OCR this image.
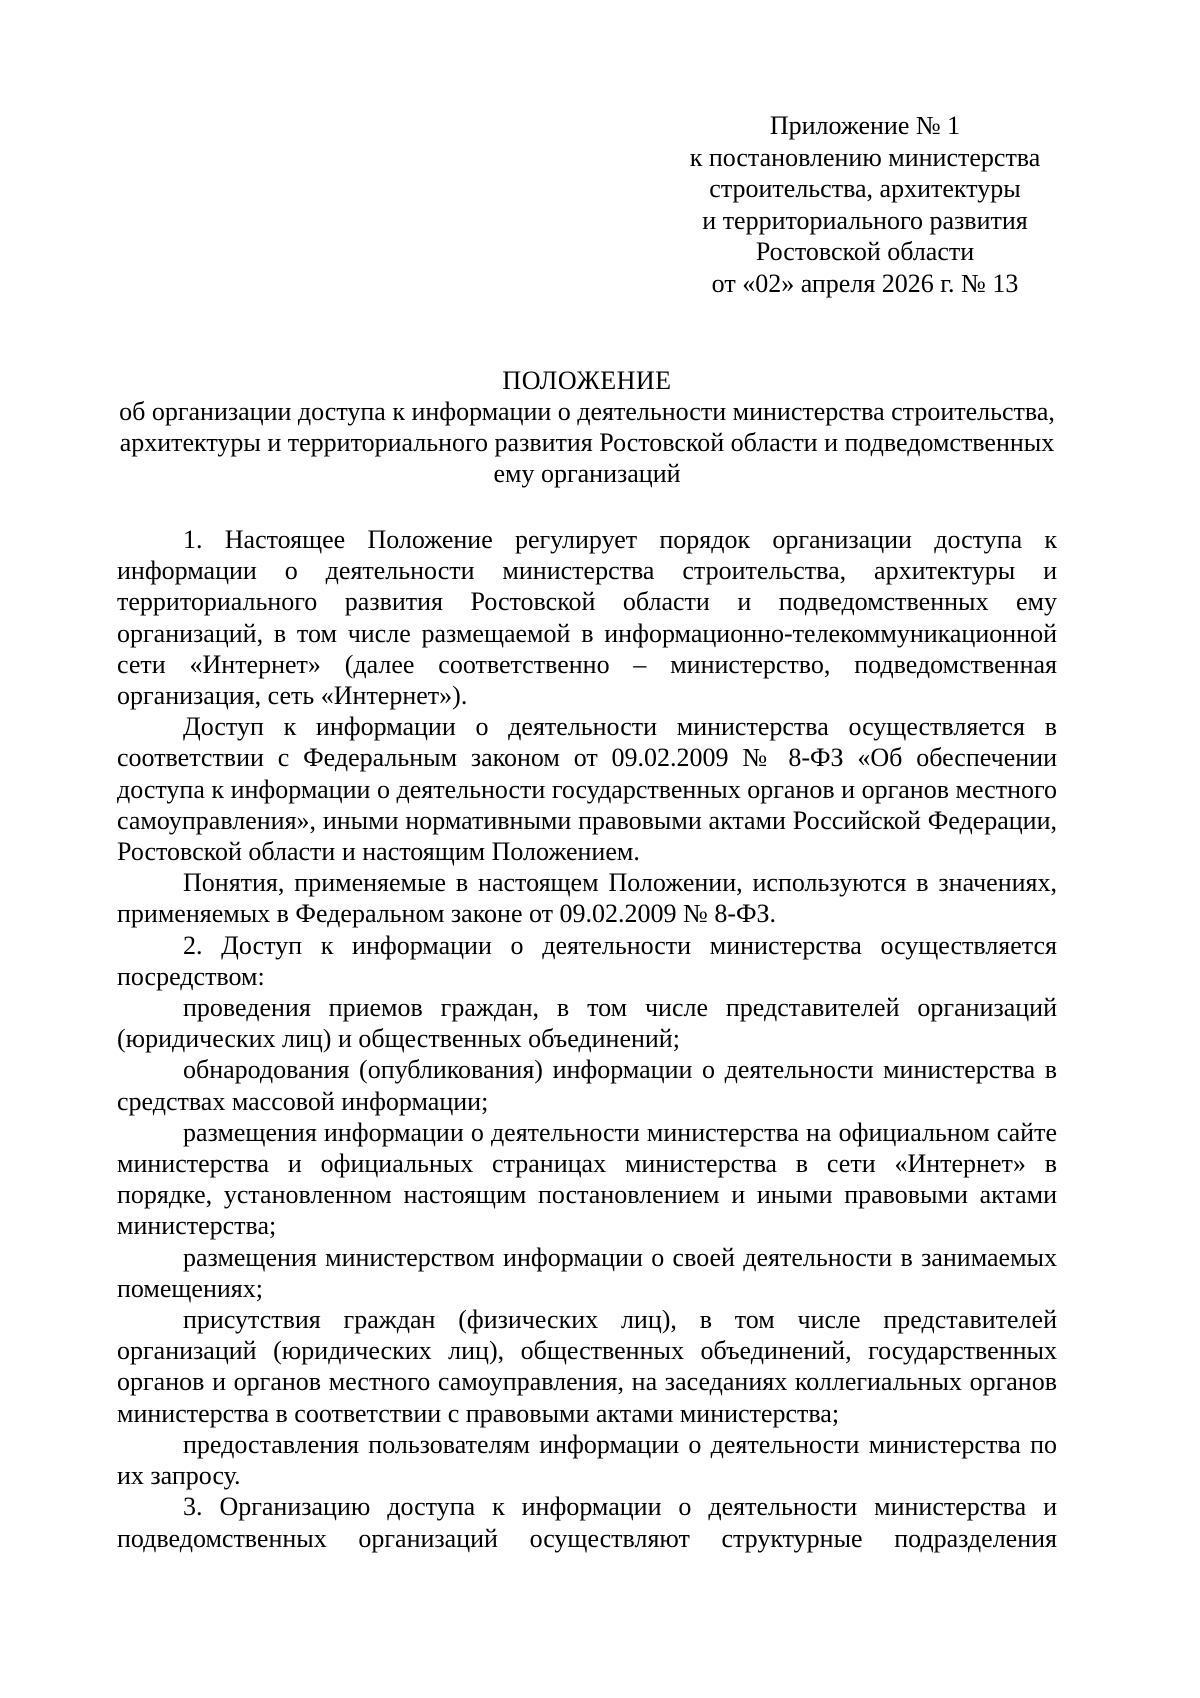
Приложение № 1
к постановлению министерства
строительства, архитектуры
и территориального развития
Ростовской области
от «02» апреля 2026 г. № 13
ПОЛОЖЕНИЕ

об организации доступа к информации о деятельности министерства строительства, архитектуры и территориального развития Ростовской области и подведомственных ему организаций

1. Настоящее Положение регулирует порядок организации доступа к информации о деятельности министерства строительства, архитектуры и территориального развития Ростовской области и подведомственных ему организаций, в том числе размещаемой в информационно-телекоммуникационной сети «Интернет» (далее соответственно – министерство, подведомственная организация, сеть «Интернет»).

Доступ к информации о деятельности министерства осуществляется в соответствии с Федеральным законом от 09.02.2009 № 8-ФЗ «Об обеспечении доступа к информации о деятельности государственных органов и органов местного самоуправления», иными нормативными правовыми актами Российской Федерации, Ростовской области и настоящим Положением.

Понятия, применяемые в настоящем Положении, используются в значениях, применяемых в Федеральном законе от 09.02.2009 № 8-ФЗ.

2. Доступ к информации о деятельности министерства осуществляется посредством:

проведения приемов граждан, в том числе представителей организаций (юридических лиц) и общественных объединений;

обнародования (опубликования) информации о деятельности министерства в средствах массовой информации;

размещения информации о деятельности министерства на официальном сайте министерства и официальных страницах министерства в сети «Интернет» в порядке, установленном настоящим постановлением и иными правовыми актами министерства;

размещения министерством информации о своей деятельности в занимаемых помещениях;

присутствия граждан (физических лиц), в том числе представителей организаций (юридических лиц), общественных объединений, государственных органов и органов местного самоуправления, на заседаниях коллегиальных органов министерства в соответствии с правовыми актами министерства;

предоставления пользователям информации о деятельности министерства по их запросу.

3. Организацию доступа к информации о деятельности министерства и подведомственных организаций осуществляют структурные подразделения
